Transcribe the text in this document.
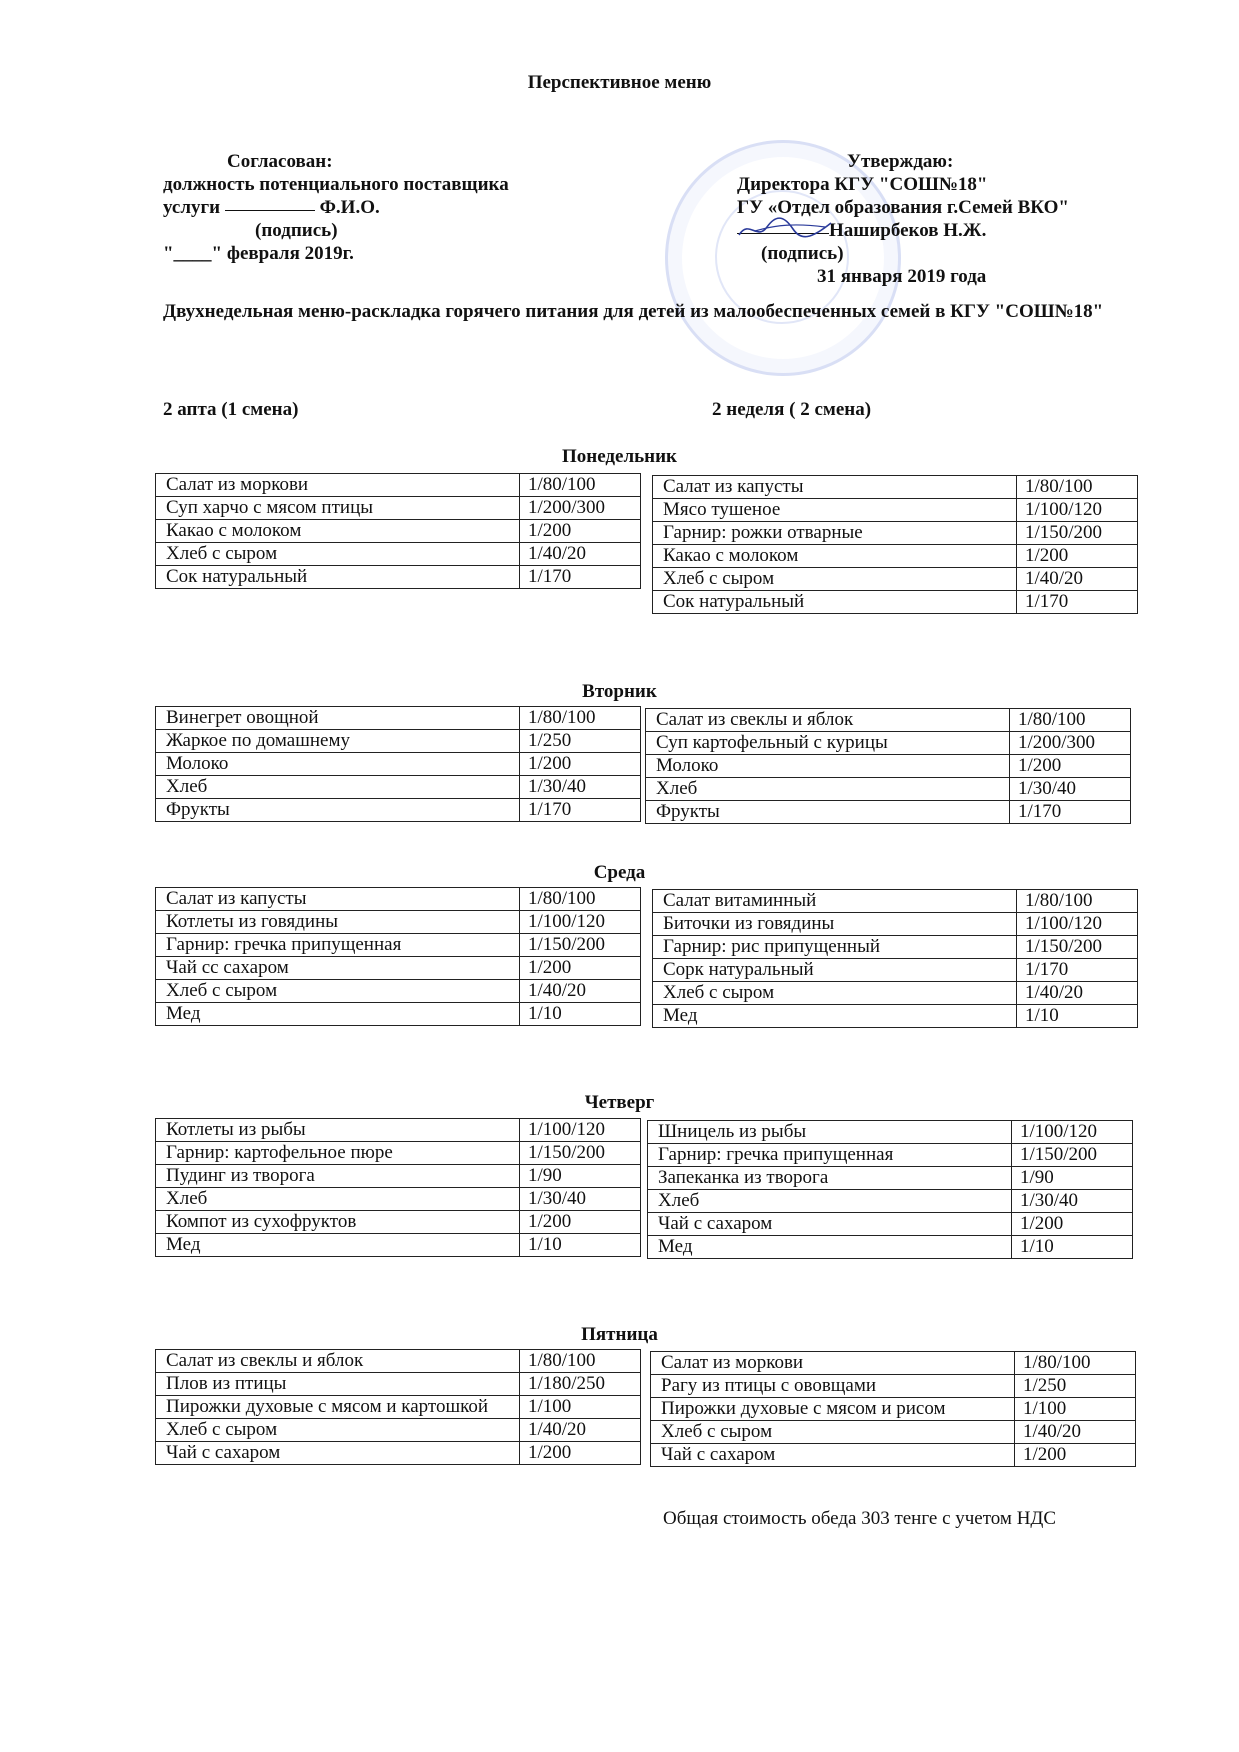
Перспективное меню
Согласован:
должность потенциального поставщика
услуги	Ф.И.О.
(подпись)
"____" февраля 2019г.
Утверждаю:
Директора КГУ "СОШ№18"
ГУ «Отдел образования г.Семей ВКО"
Наширбеков Н.Ж.
(подпись)
31 января 2019 года
Двухнедельная меню-раскладка горячего питания для детей из малообеспеченных семей в КГУ "СОШ№18"
2 апта (1 смена)	2 неделя ( 2 смена)
Понедельник
Салат из моркови	1/80/100
Суп харчо с мясом птицы	1/200/300
Какао с молоком	1/200
Хлеб с сыром	1/40/20
Сок натуральный	1/170
Салат из капусты	1/80/100
Мясо тушеное	1/100/120
Гарнир: рожки отварные	1/150/200
Какао с молоком	1/200
Хлеб с сыром	1/40/20
Сок натуральный	1/170
Вторник
Винегрет овощной	1/80/100
Жаркое по домашнему	1/250
Молоко	1/200
Хлеб	1/30/40
Фрукты	1/170
Салат из свеклы и яблок	1/80/100
Суп картофельный с курицы	1/200/300
Молоко	1/200
Хлеб	1/30/40
Фрукты	1/170
Среда
Салат из капусты	1/80/100
Котлеты из говядины	1/100/120
Гарнир: гречка припущенная	1/150/200
Чай сс сахаром	1/200
Хлеб с сыром	1/40/20
Мед	1/10
Салат витаминный	1/80/100
Биточки из говядины	1/100/120
Гарнир: рис припущенный	1/150/200
Сорк натуральный	1/170
Хлеб с сыром	1/40/20
Мед	1/10
Четверг
Котлеты из рыбы	1/100/120
Гарнир: картофельное пюре	1/150/200
Пудинг из творога	1/90
Хлеб	1/30/40
Компот из сухофруктов	1/200
Мед	1/10
Шницель из рыбы	1/100/120
Гарнир: гречка припущенная	1/150/200
Запеканка из творога	1/90
Хлеб	1/30/40
Чай с сахаром	1/200
Мед	1/10
Пятница
Салат из свеклы и яблок	1/80/100
Плов из птицы	1/180/250
Пирожки духовые с мясом и картошкой	1/100
Хлеб с сыром	1/40/20
Чай с сахаром	1/200
Салат из моркови	1/80/100
Рагу из птицы с ововщами	1/250
Пирожки духовые с мясом и рисом	1/100
Хлеб с сыром	1/40/20
Чай с сахаром	1/200
Общая стоимость обеда 303 тенге с учетом НДС
